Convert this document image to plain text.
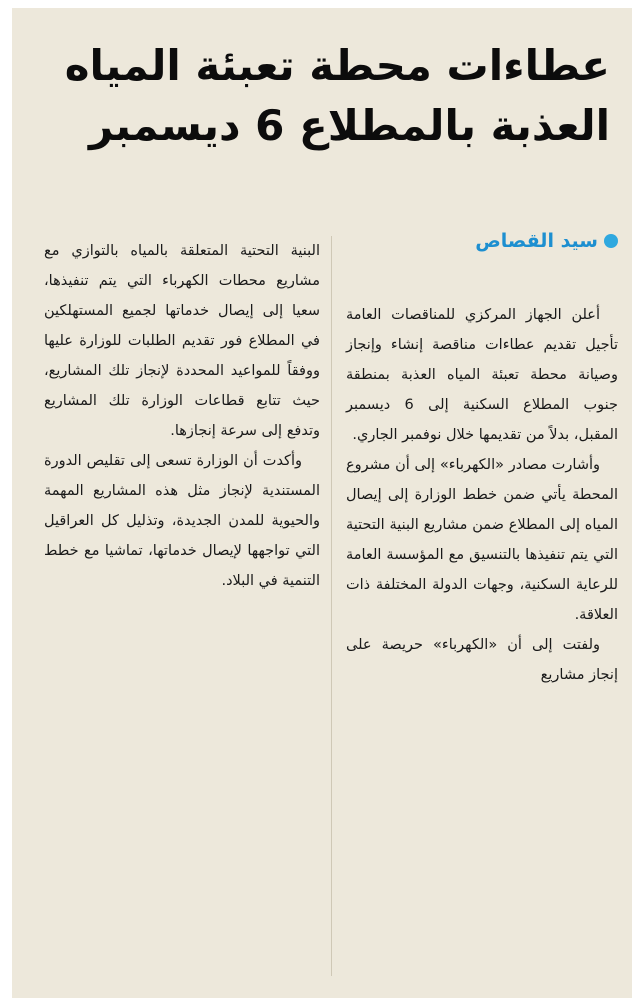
عطاءات محطة تعبئة المياه
العذبة بالمطلاع 6 ديسمبر
سيد القصاص

أعلن الجهاز المركزي للمناقصات العامة تأجيل تقديم عطاءات مناقصة إنشاء وإنجاز وصيانة محطة تعبئة المياه العذبة بمنطقة جنوب المطلاع السكنية إلى 6 ديسمبر المقبل، بدلاً من تقديمها خلال نوفمبر الجاري.

وأشارت مصادر «الكهرباء» إلى أن مشروع المحطة يأتي ضمن خطط الوزارة إلى إيصال المياه إلى المطلاع ضمن مشاريع البنية التحتية التي يتم تنفيذها بالتنسيق مع المؤسسة العامة للرعاية السكنية، وجهات الدولة المختلفة ذات العلاقة.

ولفتت إلى أن «الكهرباء» حريصة على إنجاز مشاريع

البنية التحتية المتعلقة بالمياه بالتوازي مع مشاريع محطات الكهرباء التي يتم تنفيذها، سعيا إلى إيصال خدماتها لجميع المستهلكين في المطلاع فور تقديم الطلبات للوزارة عليها ووفقاً للمواعيد المحددة لإنجاز تلك المشاريع، حيث تتابع قطاعات الوزارة تلك المشاريع وتدفع إلى سرعة إنجازها.

وأكدت أن الوزارة تسعى إلى تقليص الدورة المستندية لإنجاز مثل هذه المشاريع المهمة والحيوية للمدن الجديدة، وتذليل كل العراقيل التي تواجهها لإيصال خدماتها، تماشيا مع خطط التنمية في البلاد.
